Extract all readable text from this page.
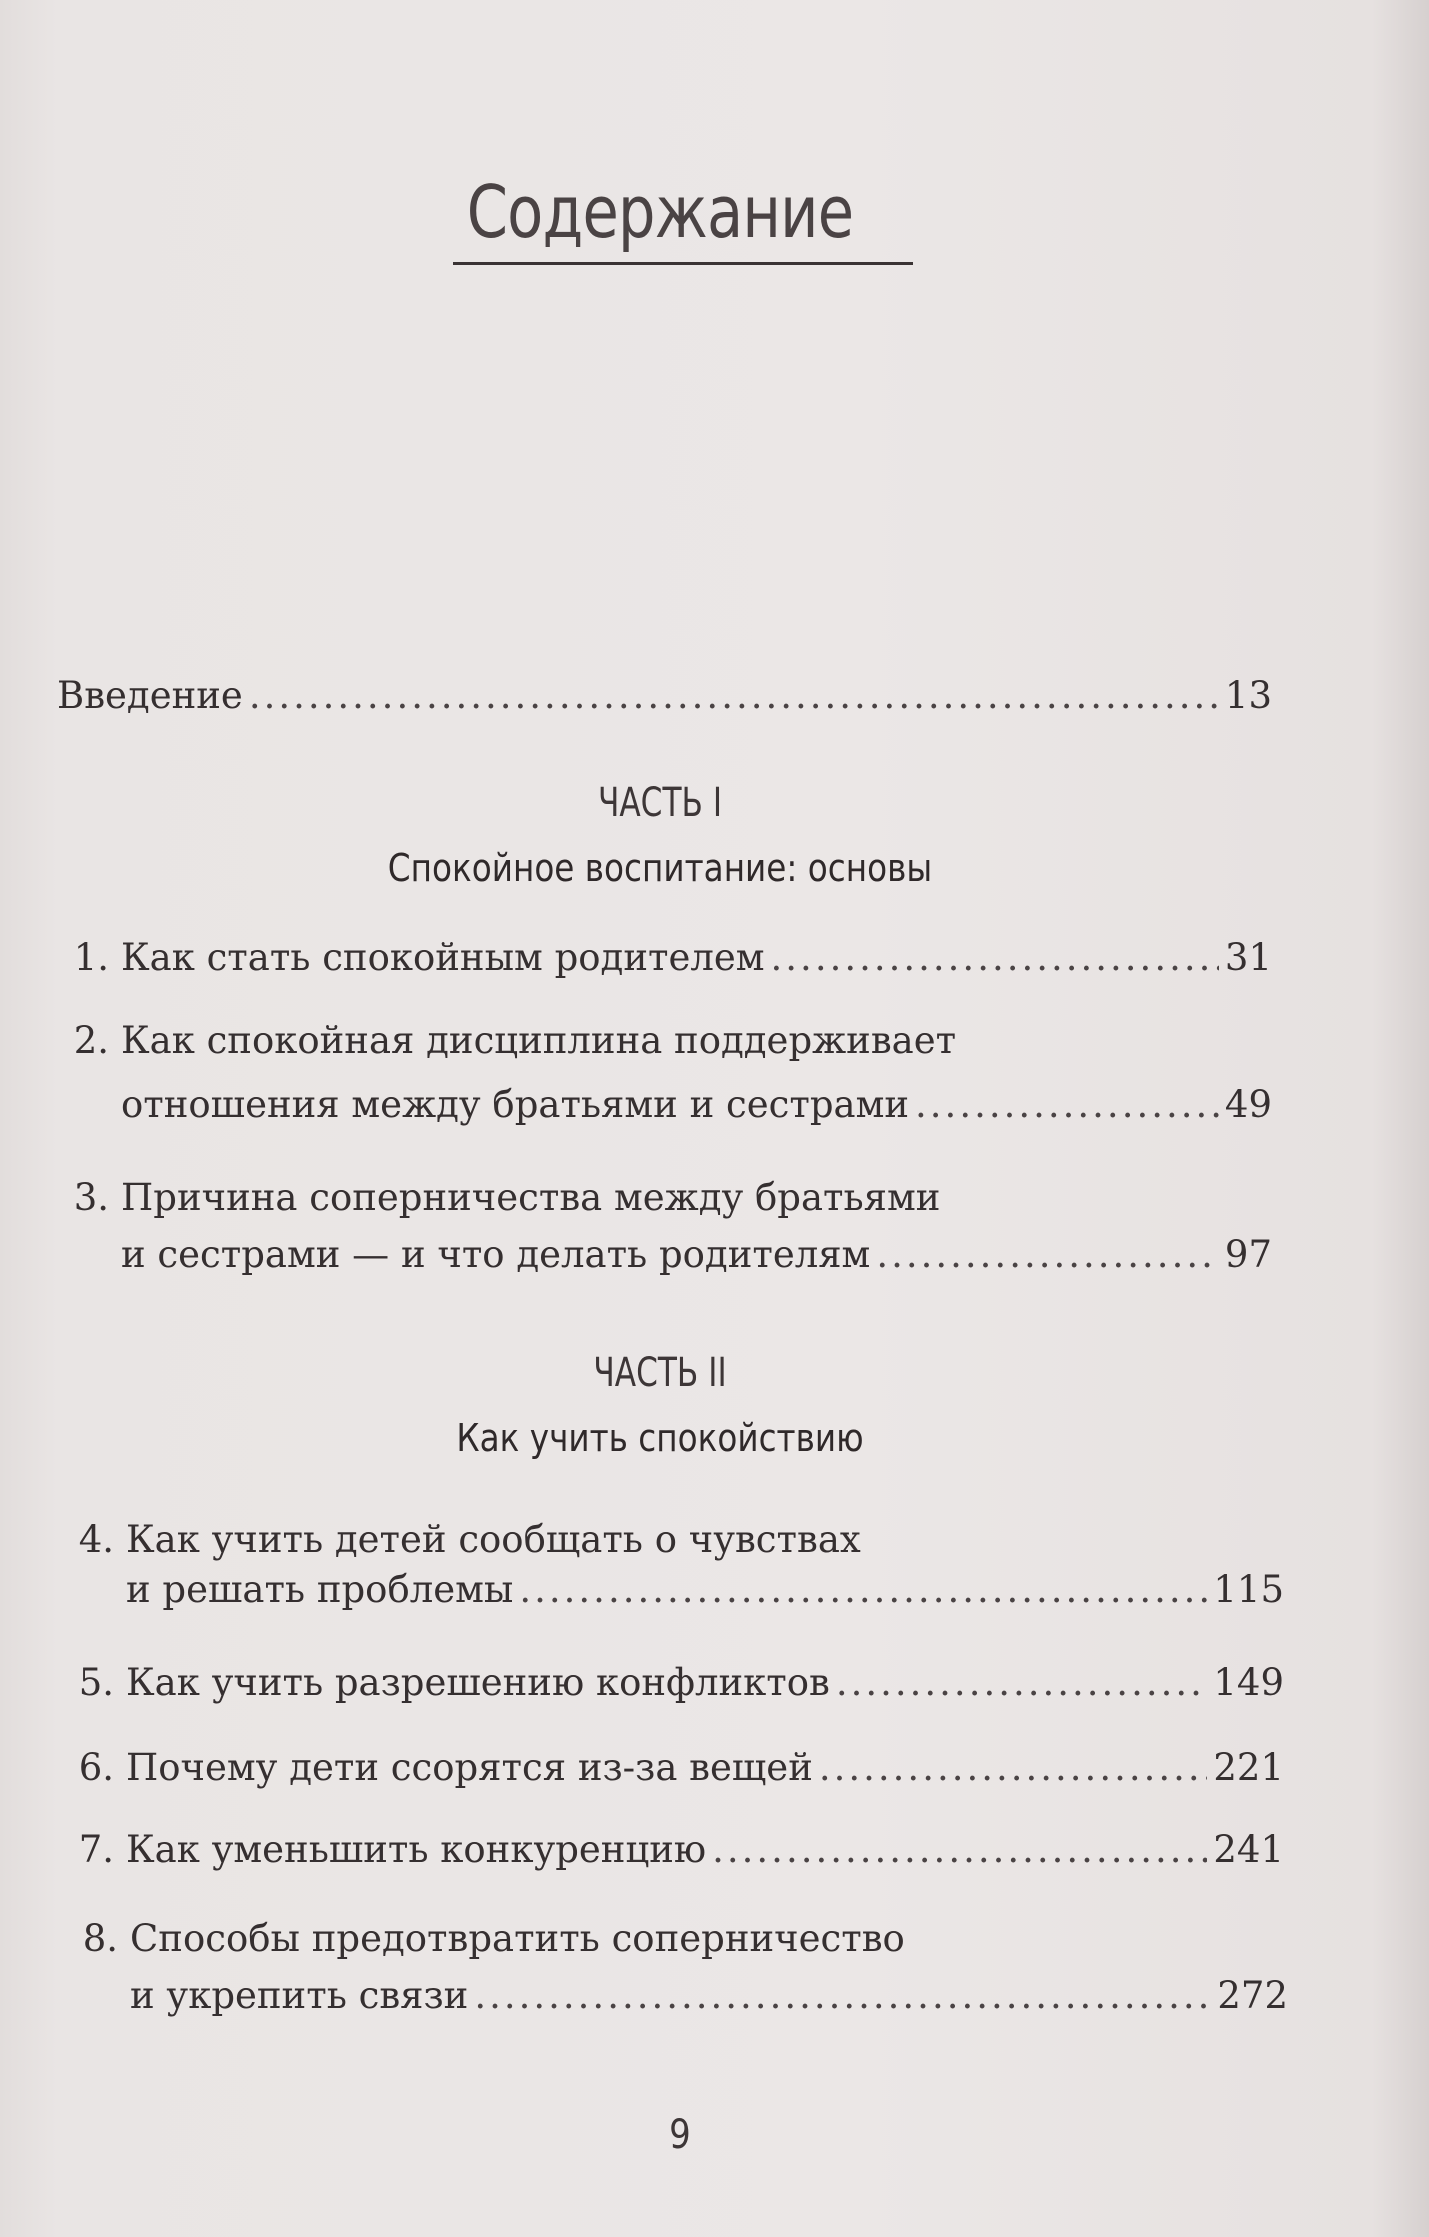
Содержание
Введение .....	13
ЧАСТЬ I
Спокойное воспитание: основы
1. Как стать спокойным родителем .....	31
2. Как спокойная дисциплина поддерживает
отношения между братьями и сестрами .....	49
3. Причина соперничества между братьями
и сестрами — и что делать родителям .....	97
ЧАСТЬ II
Как учить спокойствию
4. Как учить детей сообщать о чувствах
и решать проблемы .....	115
5. Как учить разрешению конфликтов .....	149
6. Почему дети ссорятся из-за вещей .....	221
7. Как уменьшить конкуренцию .....	241
8. Способы предотвратить соперничество
и укрепить связи .....	272
9
